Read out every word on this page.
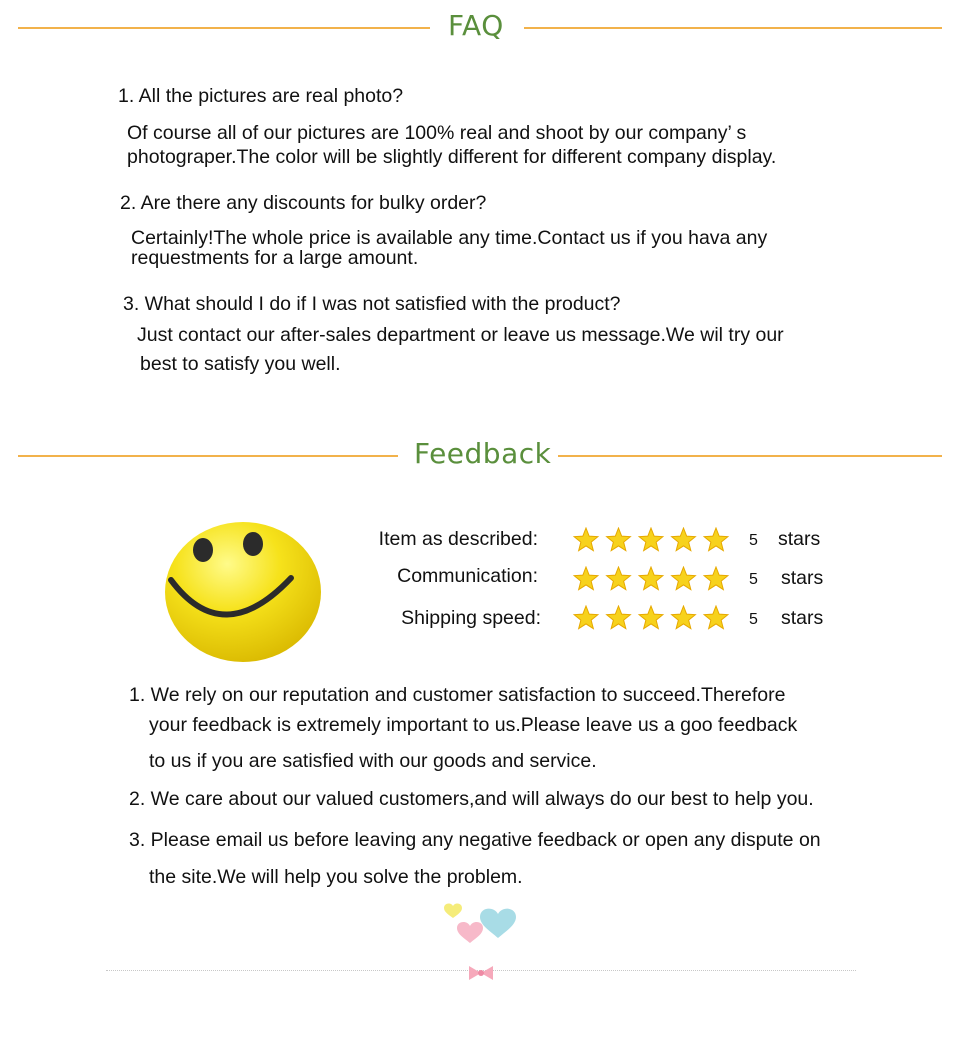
FAQ
1. All the pictures are real photo?
Of course all of our pictures are 100% real and shoot by our company’ s
photograper.The color will be slightly different for different company display.
2. Are there any discounts for bulky order?
Certainly!The whole price is available any time.Contact us if you hava any
requestments for a large amount.
3. What should I do if I was not satisfied with the product?
Just contact our after-sales department or leave us message.We wil try our
best to satisfy you well.
Feedback
Item as described:	5 stars
Communication:	5 stars
Shipping speed:	5 stars
1. We rely on our reputation and customer satisfaction to succeed.Therefore
your feedback is extremely important to us.Please leave us a goo feedback
to us if you are satisfied with our goods and service.
2. We care about our valued customers,and will always do our best to help you.
3. Please email us before leaving any negative feedback or open any dispute on
the site.We will help you solve the problem.
